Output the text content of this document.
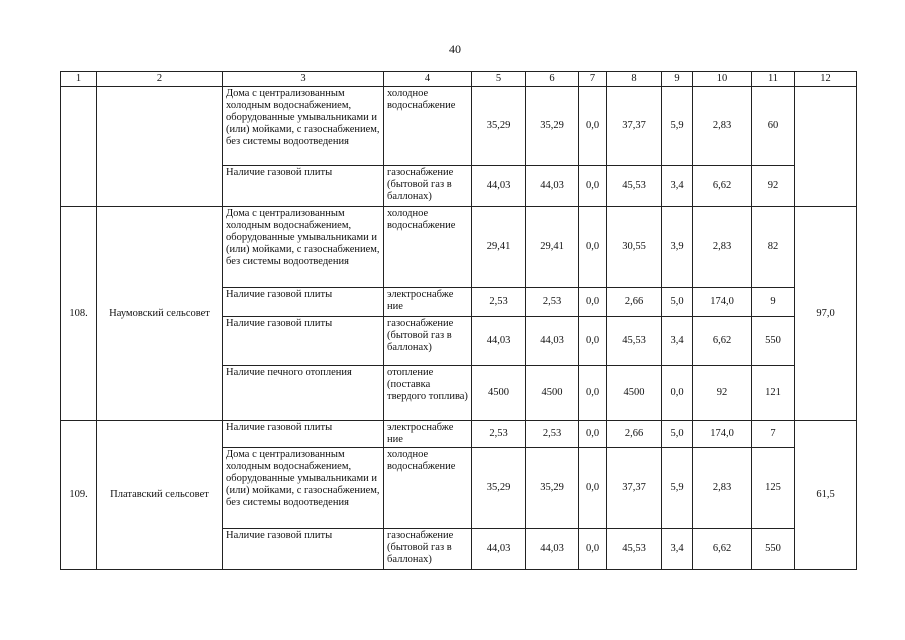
40
1	2	3	4	5	6	7	8	9	10	11	12
		Дома с централизованным холодным водоснабжением, оборудованные умывальниками и (или) мойками, с газоснабжением, без системы водоотведения	холодное водоснабжение	35,29	35,29	0,0	37,37	5,9	2,83	60	
		Наличие газовой плиты	газоснабжение (бытовой газ в баллонах)	44,03	44,03	0,0	45,53	3,4	6,62	92	
108.	Наумовский сельсовет	Дома с централизованным холодным водоснабжением, оборудованные умывальниками и (или) мойками, с газоснабжением, без системы водоотведения	холодное водоснабжение	29,41	29,41	0,0	30,55	3,9	2,83	82	97,0
		Наличие газовой плиты	электроснабже ние	2,53	2,53	0,0	2,66	5,0	174,0	9	
		Наличие газовой плиты	газоснабжение (бытовой газ в баллонах)	44,03	44,03	0,0	45,53	3,4	6,62	550	
		Наличие печного отопления	отопление (поставка твердого топлива)	4500	4500	0,0	4500	0,0	92	121	
109.	Платавский сельсовет	Наличие газовой плиты	электроснабже ние	2,53	2,53	0,0	2,66	5,0	174,0	7	61,5
		Дома с централизованным холодным водоснабжением, оборудованные умывальниками и (или) мойками, с газоснабжением, без системы водоотведения	холодное водоснабжение	35,29	35,29	0,0	37,37	5,9	2,83	125	
		Наличие газовой плиты	газоснабжение (бытовой газ в баллонах)	44,03	44,03	0,0	45,53	3,4	6,62	550	
